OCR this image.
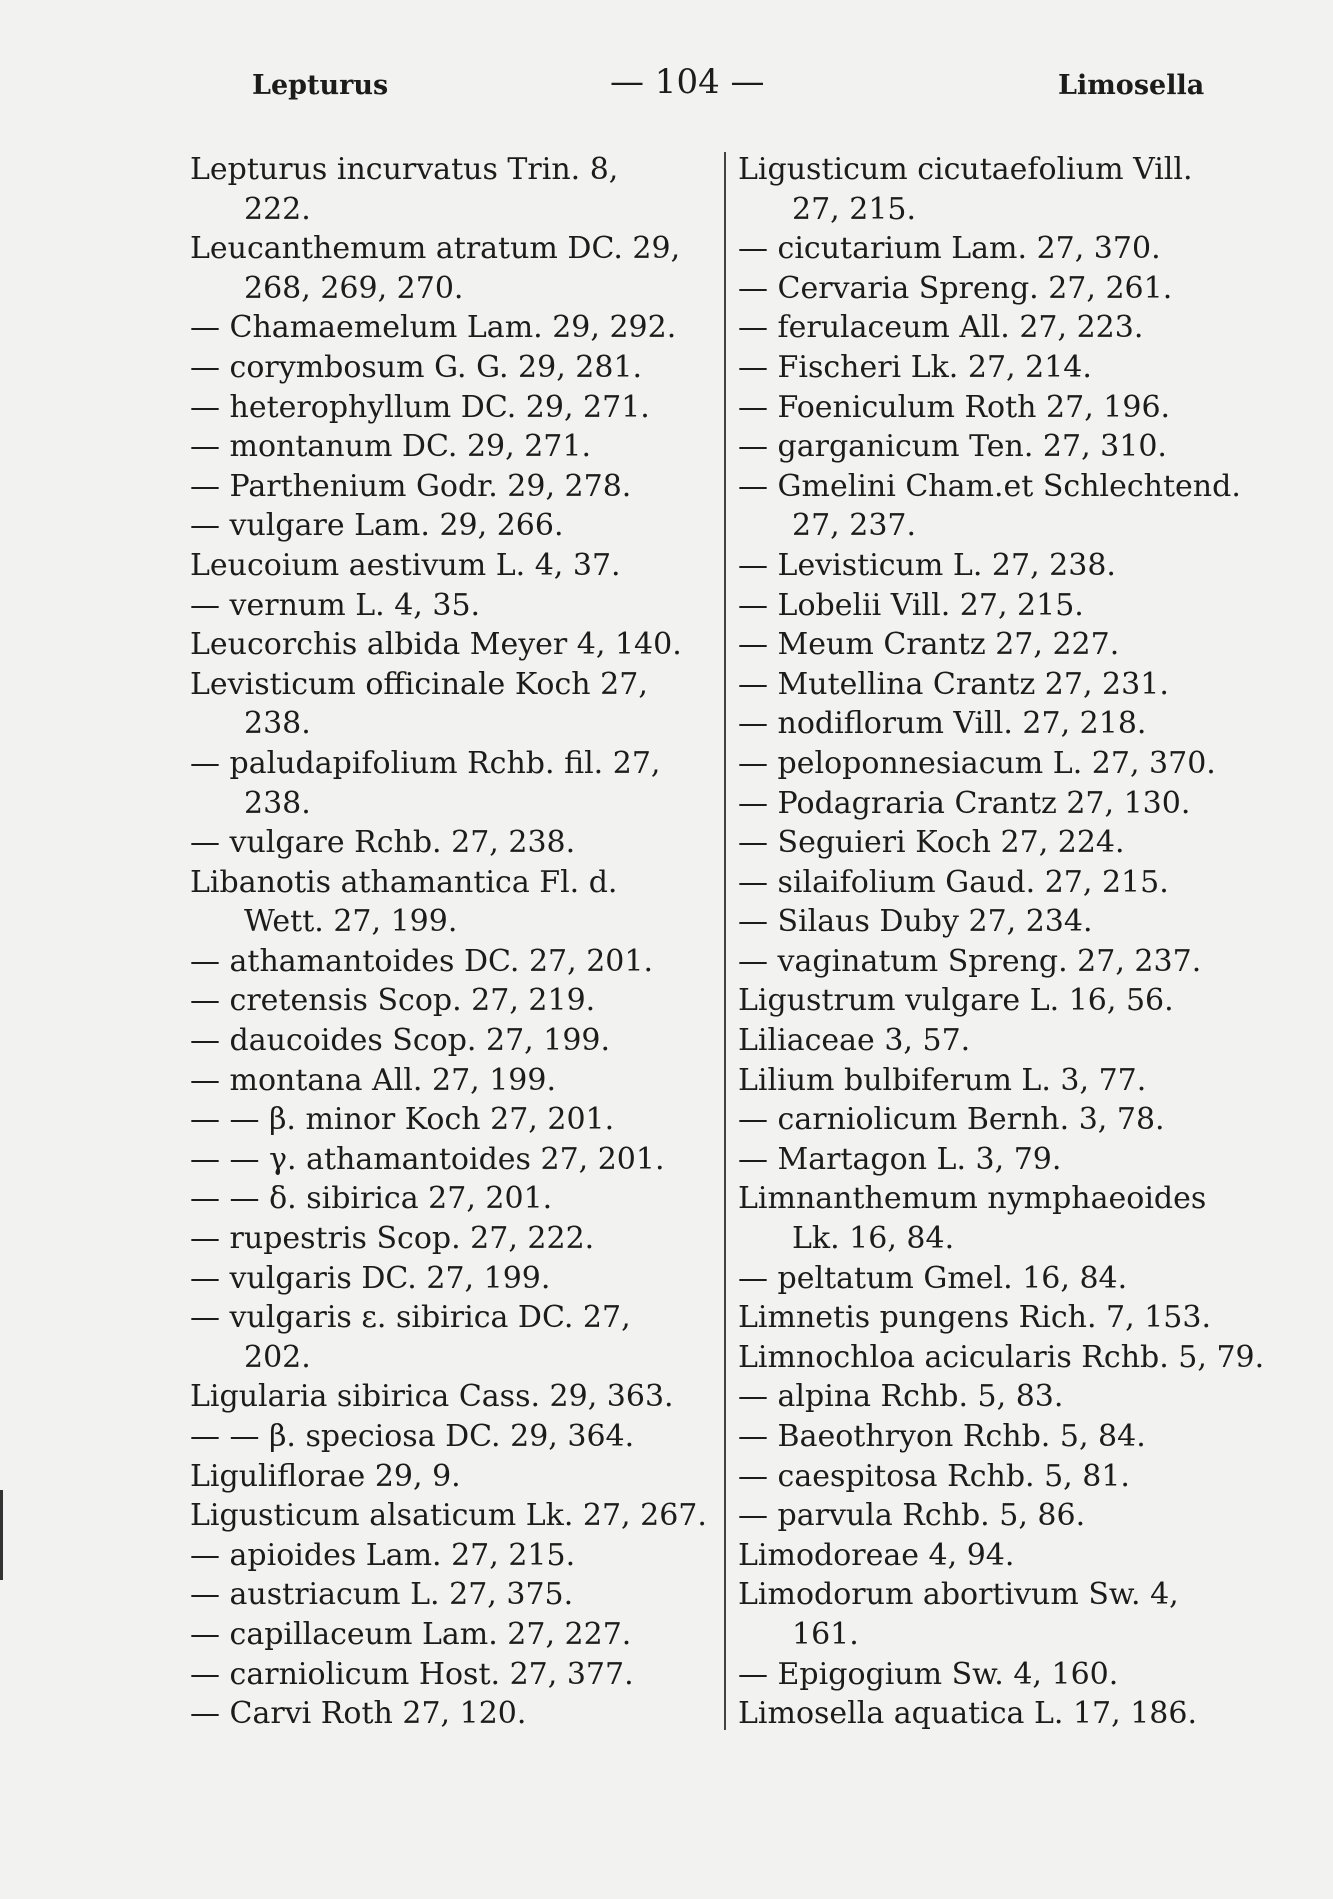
Lepturus	— 104 —	Limosella
Lepturus incurvatus Trin. 8,
222.
Leucanthemum atratum DC. 29,
268, 269, 270.
— Chamaemelum Lam. 29, 292.
— corymbosum G. G. 29, 281.
— heterophyllum DC. 29, 271.
— montanum DC. 29, 271.
— Parthenium Godr. 29, 278.
— vulgare Lam. 29, 266.
Leucoium aestivum L. 4, 37.
— vernum L. 4, 35.
Leucorchis albida Meyer 4, 140.
Levisticum officinale Koch 27,
238.
— paludapifolium Rchb. fil. 27,
238.
— vulgare Rchb. 27, 238.
Libanotis athamantica Fl. d.
Wett. 27, 199.
— athamantoides DC. 27, 201.
— cretensis Scop. 27, 219.
— daucoides Scop. 27, 199.
— montana All. 27, 199.
— — β. minor Koch 27, 201.
— — γ. athamantoides 27, 201.
— — δ. sibirica 27, 201.
— rupestris Scop. 27, 222.
— vulgaris DC. 27, 199.
— vulgaris ε. sibirica DC. 27,
202.
Ligularia sibirica Cass. 29, 363.
— — β. speciosa DC. 29, 364.
Liguliflorae 29, 9.
Ligusticum alsaticum Lk. 27, 267.
— apioides Lam. 27, 215.
— austriacum L. 27, 375.
— capillaceum Lam. 27, 227.
— carniolicum Host. 27, 377.
— Carvi Roth 27, 120.
Ligusticum cicutaefolium Vill.
27, 215.
— cicutarium Lam. 27, 370.
— Cervaria Spreng. 27, 261.
— ferulaceum All. 27, 223.
— Fischeri Lk. 27, 214.
— Foeniculum Roth 27, 196.
— garganicum Ten. 27, 310.
— Gmelini Cham.et Schlechtend.
27, 237.
— Levisticum L. 27, 238.
— Lobelii Vill. 27, 215.
— Meum Crantz 27, 227.
— Mutellina Crantz 27, 231.
— nodiflorum Vill. 27, 218.
— peloponnesiacum L. 27, 370.
— Podagraria Crantz 27, 130.
— Seguieri Koch 27, 224.
— silaifolium Gaud. 27, 215.
— Silaus Duby 27, 234.
— vaginatum Spreng. 27, 237.
Ligustrum vulgare L. 16, 56.
Liliaceae 3, 57.
Lilium bulbiferum L. 3, 77.
— carniolicum Bernh. 3, 78.
— Martagon L. 3, 79.
Limnanthemum nymphaeoides
Lk. 16, 84.
— peltatum Gmel. 16, 84.
Limnetis pungens Rich. 7, 153.
Limnochloa acicularis Rchb. 5, 79.
— alpina Rchb. 5, 83.
— Baeothryon Rchb. 5, 84.
— caespitosa Rchb. 5, 81.
— parvula Rchb. 5, 86.
Limodoreae 4, 94.
Limodorum abortivum Sw. 4,
161.
— Epigogium Sw. 4, 160.
Limosella aquatica L. 17, 186.
